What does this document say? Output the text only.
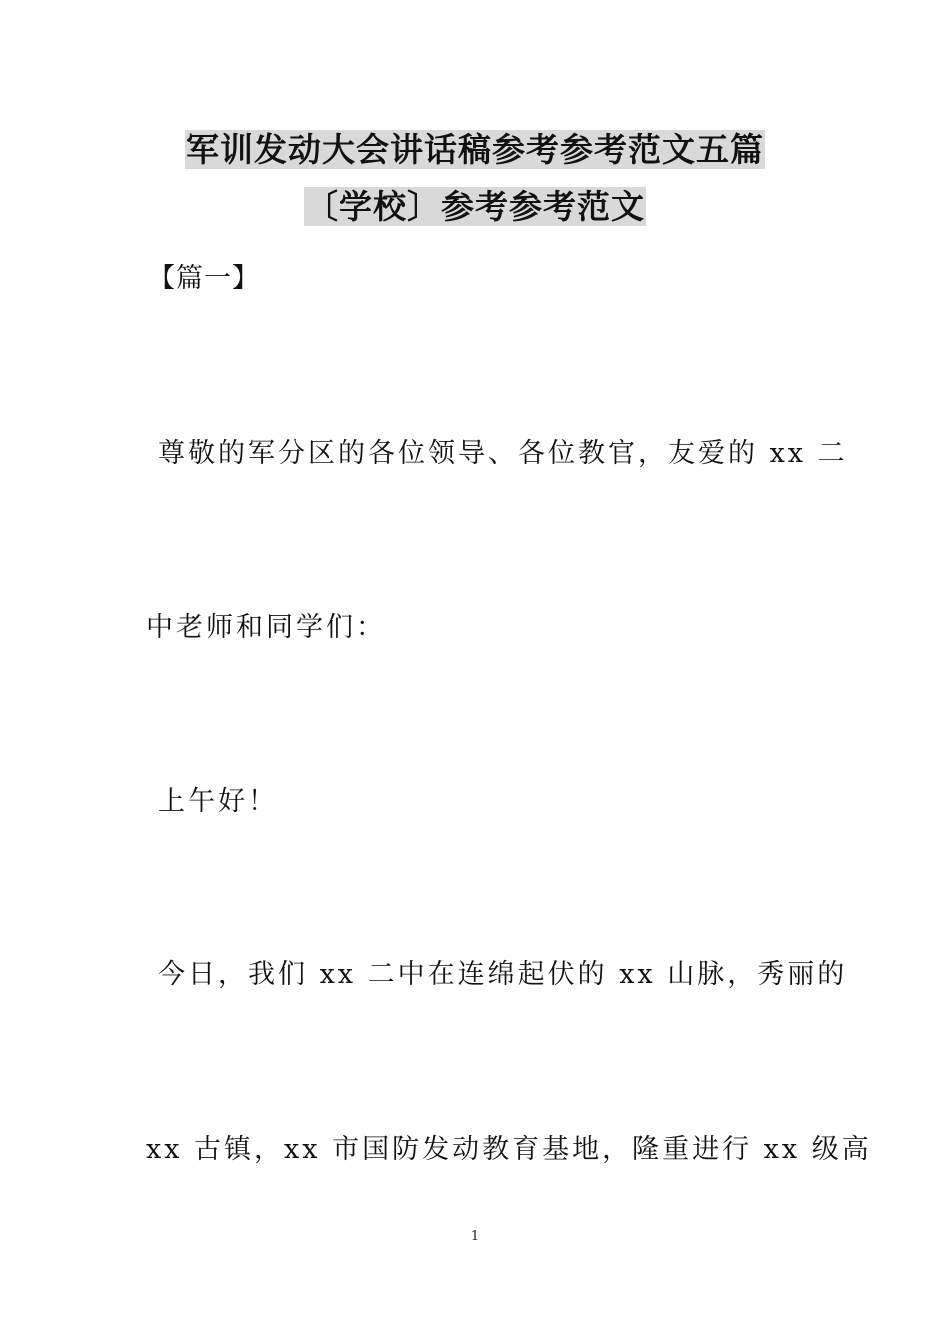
军训发动大会讲话稿参考参考范文五篇
〔学校〕参考参考范文
【篇一】
尊敬的军分区的各位领导、各位教官，友爱的 xx 二
中老师和同学们：
上午好！
今日，我们 xx 二中在连绵起伏的 xx 山脉，秀丽的
xx 古镇，xx 市国防发动教育基地，隆重进行 xx 级高
1
